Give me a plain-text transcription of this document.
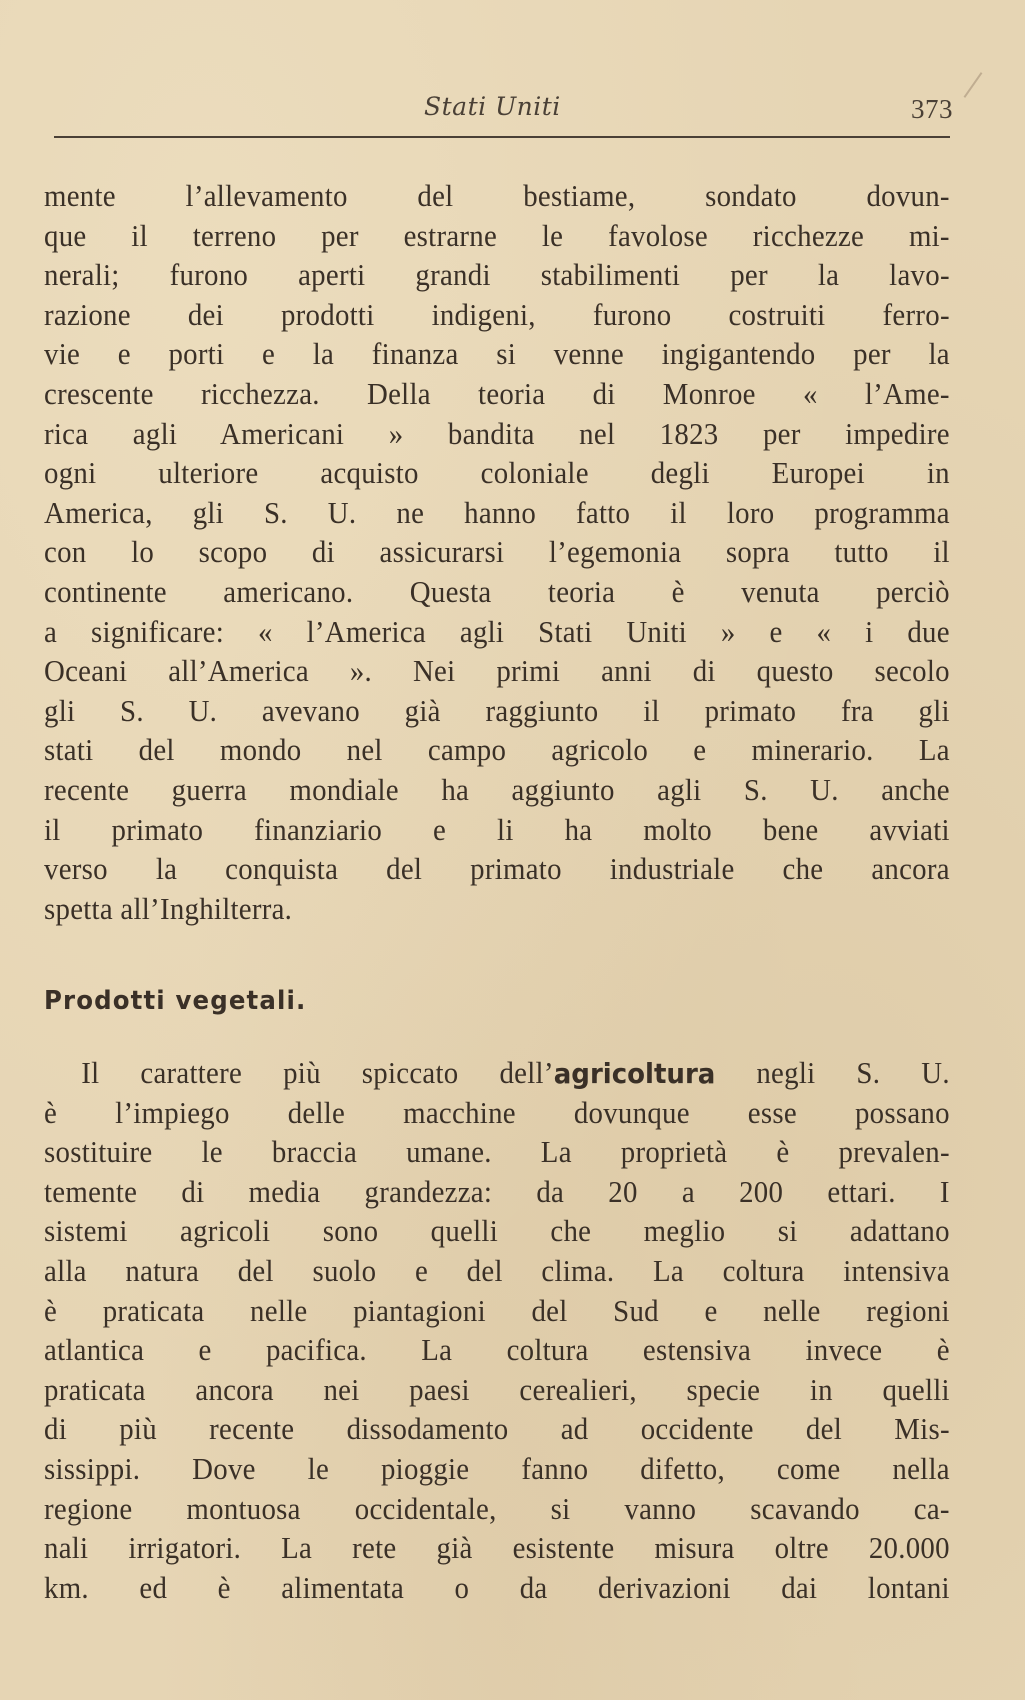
Stati Uniti	373
mente l’allevamento del bestiame, sondato dovun-
que il terreno per estrarne le favolose ricchezze mi-
nerali; furono aperti grandi stabilimenti per la lavo-
razione dei prodotti indigeni, furono costruiti ferro-
vie e porti e la finanza si venne ingigantendo per la
crescente ricchezza. Della teoria di Monroe « l’Ame-
rica agli Americani » bandita nel 1823 per impedire
ogni ulteriore acquisto coloniale degli Europei in
America, gli S. U. ne hanno fatto il loro programma
con lo scopo di assicurarsi l’egemonia sopra tutto il
continente americano. Questa teoria è venuta perciò
a significare: « l’America agli Stati Uniti » e « i due
Oceani all’America ». Nei primi anni di questo secolo
gli S. U. avevano già raggiunto il primato fra gli
stati del mondo nel campo agricolo e minerario. La
recente guerra mondiale ha aggiunto agli S. U. anche
il primato finanziario e li ha molto bene avviati
verso la conquista del primato industriale che ancora
spetta all’Inghilterra.
Prodotti vegetali.
Il carattere più spiccato dell’agricoltura negli S. U.
è l’impiego delle macchine dovunque esse possano
sostituire le braccia umane. La proprietà è prevalen-
temente di media grandezza: da 20 a 200 ettari. I
sistemi agricoli sono quelli che meglio si adattano
alla natura del suolo e del clima. La coltura intensiva
è praticata nelle piantagioni del Sud e nelle regioni
atlantica e pacifica. La coltura estensiva invece è
praticata ancora nei paesi cerealieri, specie in quelli
di più recente dissodamento ad occidente del Mis-
sissippi. Dove le pioggie fanno difetto, come nella
regione montuosa occidentale, si vanno scavando ca-
nali irrigatori. La rete già esistente misura oltre 20.000
km. ed è alimentata o da derivazioni dai lontani
